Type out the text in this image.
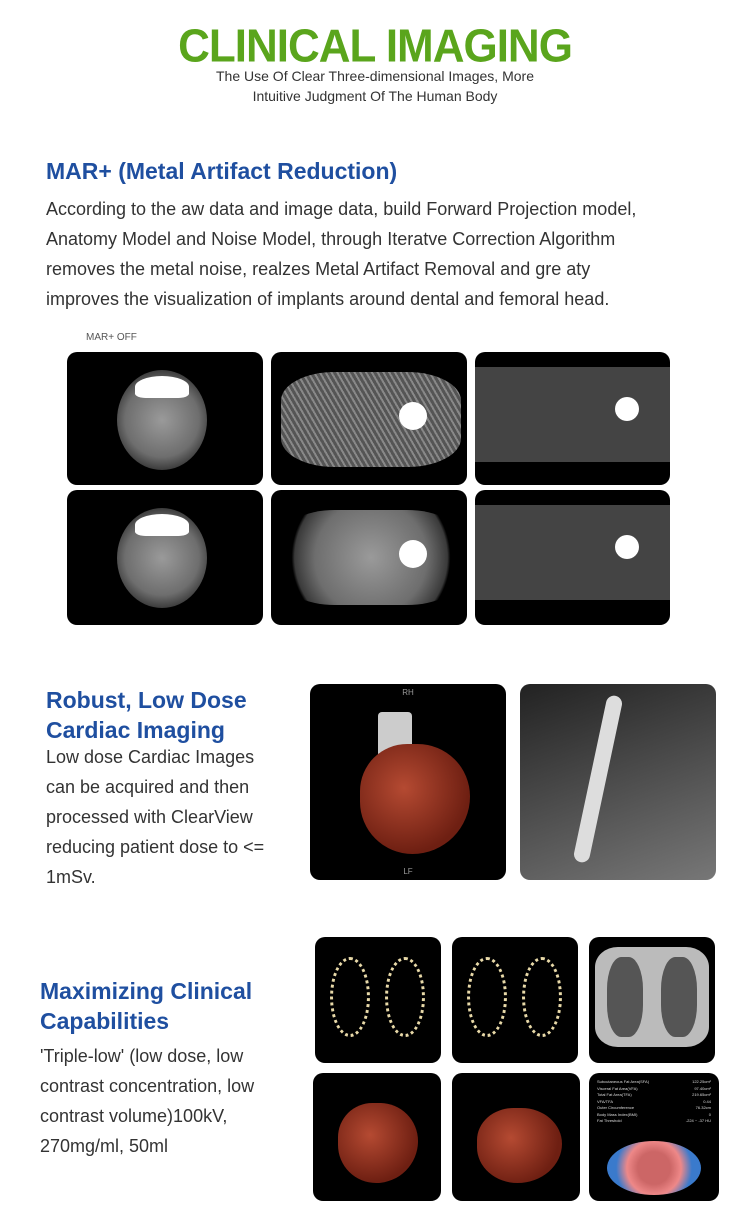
CLINICAL IMAGING
The Use Of Clear Three-dimensional Images, More
Intuitive Judgment Of The Human Body
MAR+ (Metal Artifact Reduction)
According to the aw data and image data, build Forward Projection model,
Anatomy Model and Noise Model, through Iteratve Correction Algorithm
removes the metal noise, realzes Metal Artifact Removal and gre aty
improves the visualization of implants around dental and femoral head.
MAR+ OFF
Robust, Low Dose
Cardiac Imaging
Low dose Cardiac Images
can be acquired and then
processed with ClearView
reducing patient dose to <=
1mSv.
RH
LF
Maximizing Clinical
Capabilities
'Triple-low' (low dose, low
contrast concentration, low
contrast volume)100kV,
270mg/ml, 50ml
Subcutaneous Fat Area(SFA)	122.25cm²
Visceral Fat Area(VFA)	97.40cm²
Total Fat Area(TFA)	219.65cm²
VFA/TFA	0.44
Outer Circumference	76.32cm
Body Mass Index(BMI)	0
Fat Threshold	-224 ~ -37 HU
